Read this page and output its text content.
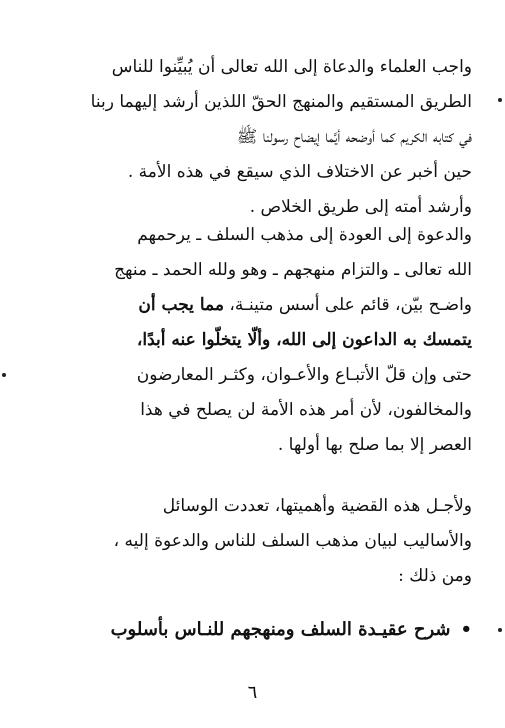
واجب العلماء والدعاة إلى الله تعالى أن يُبيِّنوا للناس
الطريق المستقيم والمنهج الحقّ اللذين أرشد إليهما ربنا
في كتابه الكريم كما أوضحه أيَّما إيضاح رسولنا ﷺ
حين أخبر عن الاختلاف الذي سيقع في هذه الأمة .
وأرشد أمته إلى طريق الخلاص .
والدعوة إلى العودة إلى مذهب السلف ـ يرحمهم
الله تعالى ـ والتزام منهجهم ـ وهو ولله الحمد ـ منهج
واضـح بيّن، قائم على أسس متينـة، مما يجب أن
يتمسك به الداعون إلى الله، وألّا يتخلّوا عنه أبدًا،
حتى وإن قلّ الأتبـاع والأعـوان، وكثـر المعارضون
والمخالفون، لأن أمر هذه الأمة لن يصلح في هذا
العصر إلا بما صلح بها أولها .
ولأجـل هذه القضية وأهميتها، تعددت الوسائل
والأساليب لبيان مذهب السلف للناس والدعوة إليه ،
ومن ذلك :
•شرح عقيـدة السلف ومنهجهم للنـاس بأسلوب
٦
